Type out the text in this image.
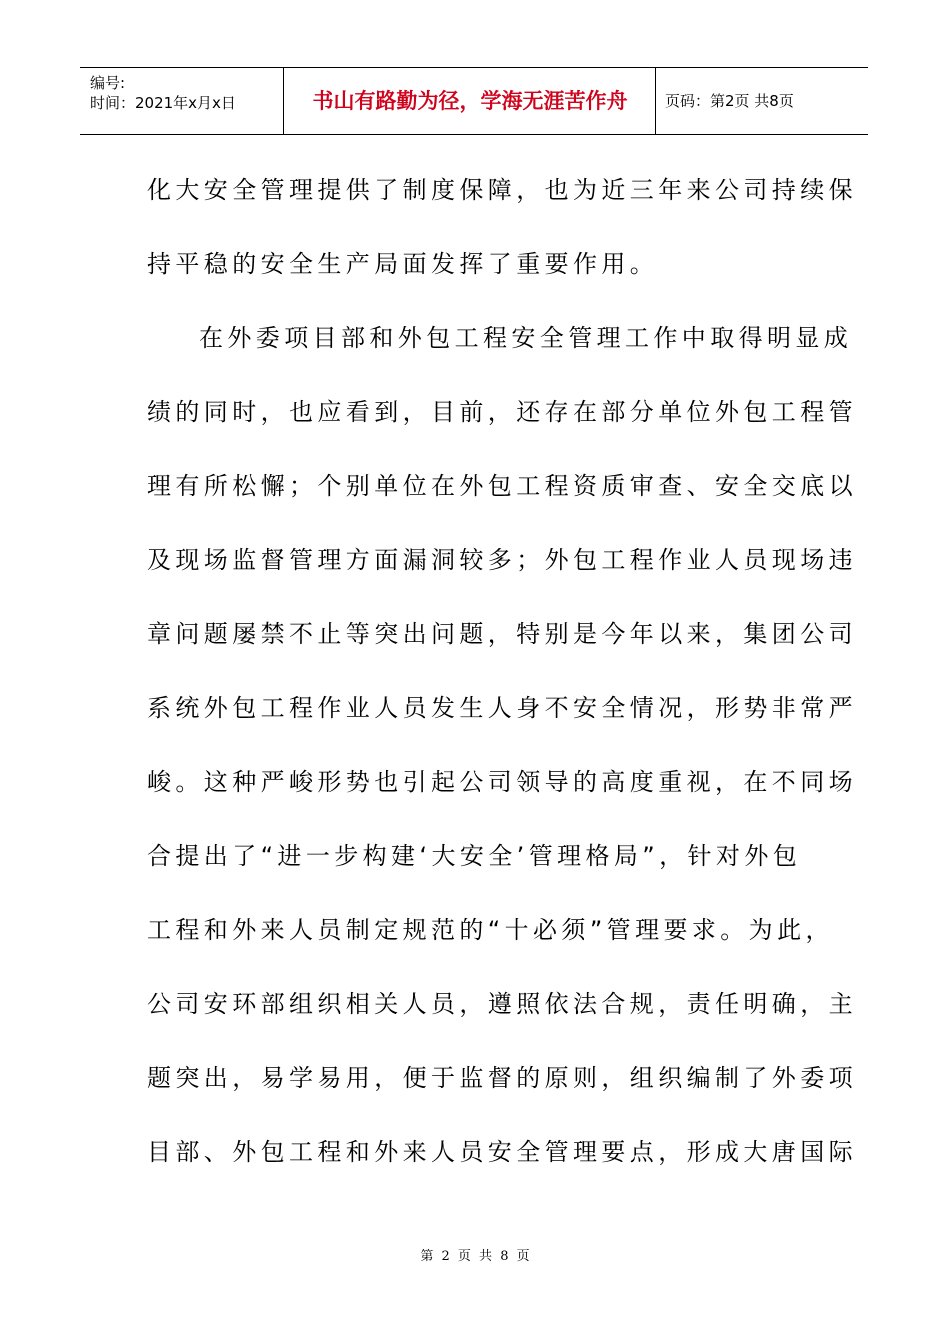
编号:
时间：2021年x月x日	书山有路勤为径，学海无涯苦作舟	页码：第2页 共8页
化大安全管理提供了制度保障，也为近三年来公司持续保
持平稳的安全生产局面发挥了重要作用。
在外委项目部和外包工程安全管理工作中取得明显成
绩的同时，也应看到，目前，还存在部分单位外包工程管
理有所松懈；个别单位在外包工程资质审查、安全交底以
及现场监督管理方面漏洞较多；外包工程作业人员现场违
章问题屡禁不止等突出问题，特别是今年以来，集团公司
系统外包工程作业人员发生人身不安全情况，形势非常严
峻。这种严峻形势也引起公司领导的高度重视，在不同场
合提出了“进一步构建‘大安全’管理格局”，针对外包
工程和外来人员制定规范的“十必须”管理要求。为此，
公司安环部组织相关人员，遵照依法合规，责任明确，主
题突出，易学易用，便于监督的原则，组织编制了外委项
目部、外包工程和外来人员安全管理要点，形成大唐国际
第 2 页 共 8 页
